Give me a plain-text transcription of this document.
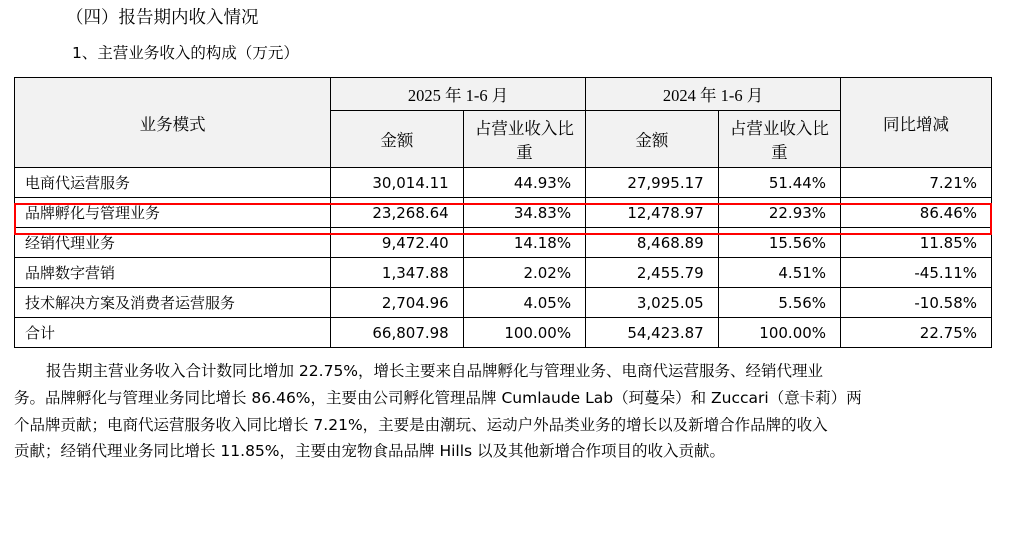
（四）报告期内收入情况
1、主营业务收入的构成（万元）
业务模式	2025 年 1-6 月		2024 年 1-6 月		同比增减
	金额	占营业收入比重	金额	占营业收入比重	
电商代运营服务	30,014.11	44.93%	27,995.17	51.44%	7.21%
品牌孵化与管理业务	23,268.64	34.83%	12,478.97	22.93%	86.46%
经销代理业务	9,472.40	14.18%	8,468.89	15.56%	11.85%
品牌数字营销	1,347.88	2.02%	2,455.79	4.51%	-45.11%
技术解决方案及消费者运营服务	2,704.96	4.05%	3,025.05	5.56%	-10.58%
合计	66,807.98	100.00%	54,423.87	100.00%	22.75%
报告期主营业务收入合计数同比增加 22.75%，增长主要来自品牌孵化与管理业务、电商代运营服务、经销代理业
务。品牌孵化与管理业务同比增长 86.46%，主要由公司孵化管理品牌 Cumlaude Lab（珂蔓朵）和 Zuccari（意卡莉）两
个品牌贡献；电商代运营服务收入同比增长 7.21%，主要是由潮玩、运动户外品类业务的增长以及新增合作品牌的收入
贡献；经销代理业务同比增长 11.85%，主要由宠物食品品牌 Hills 以及其他新增合作项目的收入贡献。
